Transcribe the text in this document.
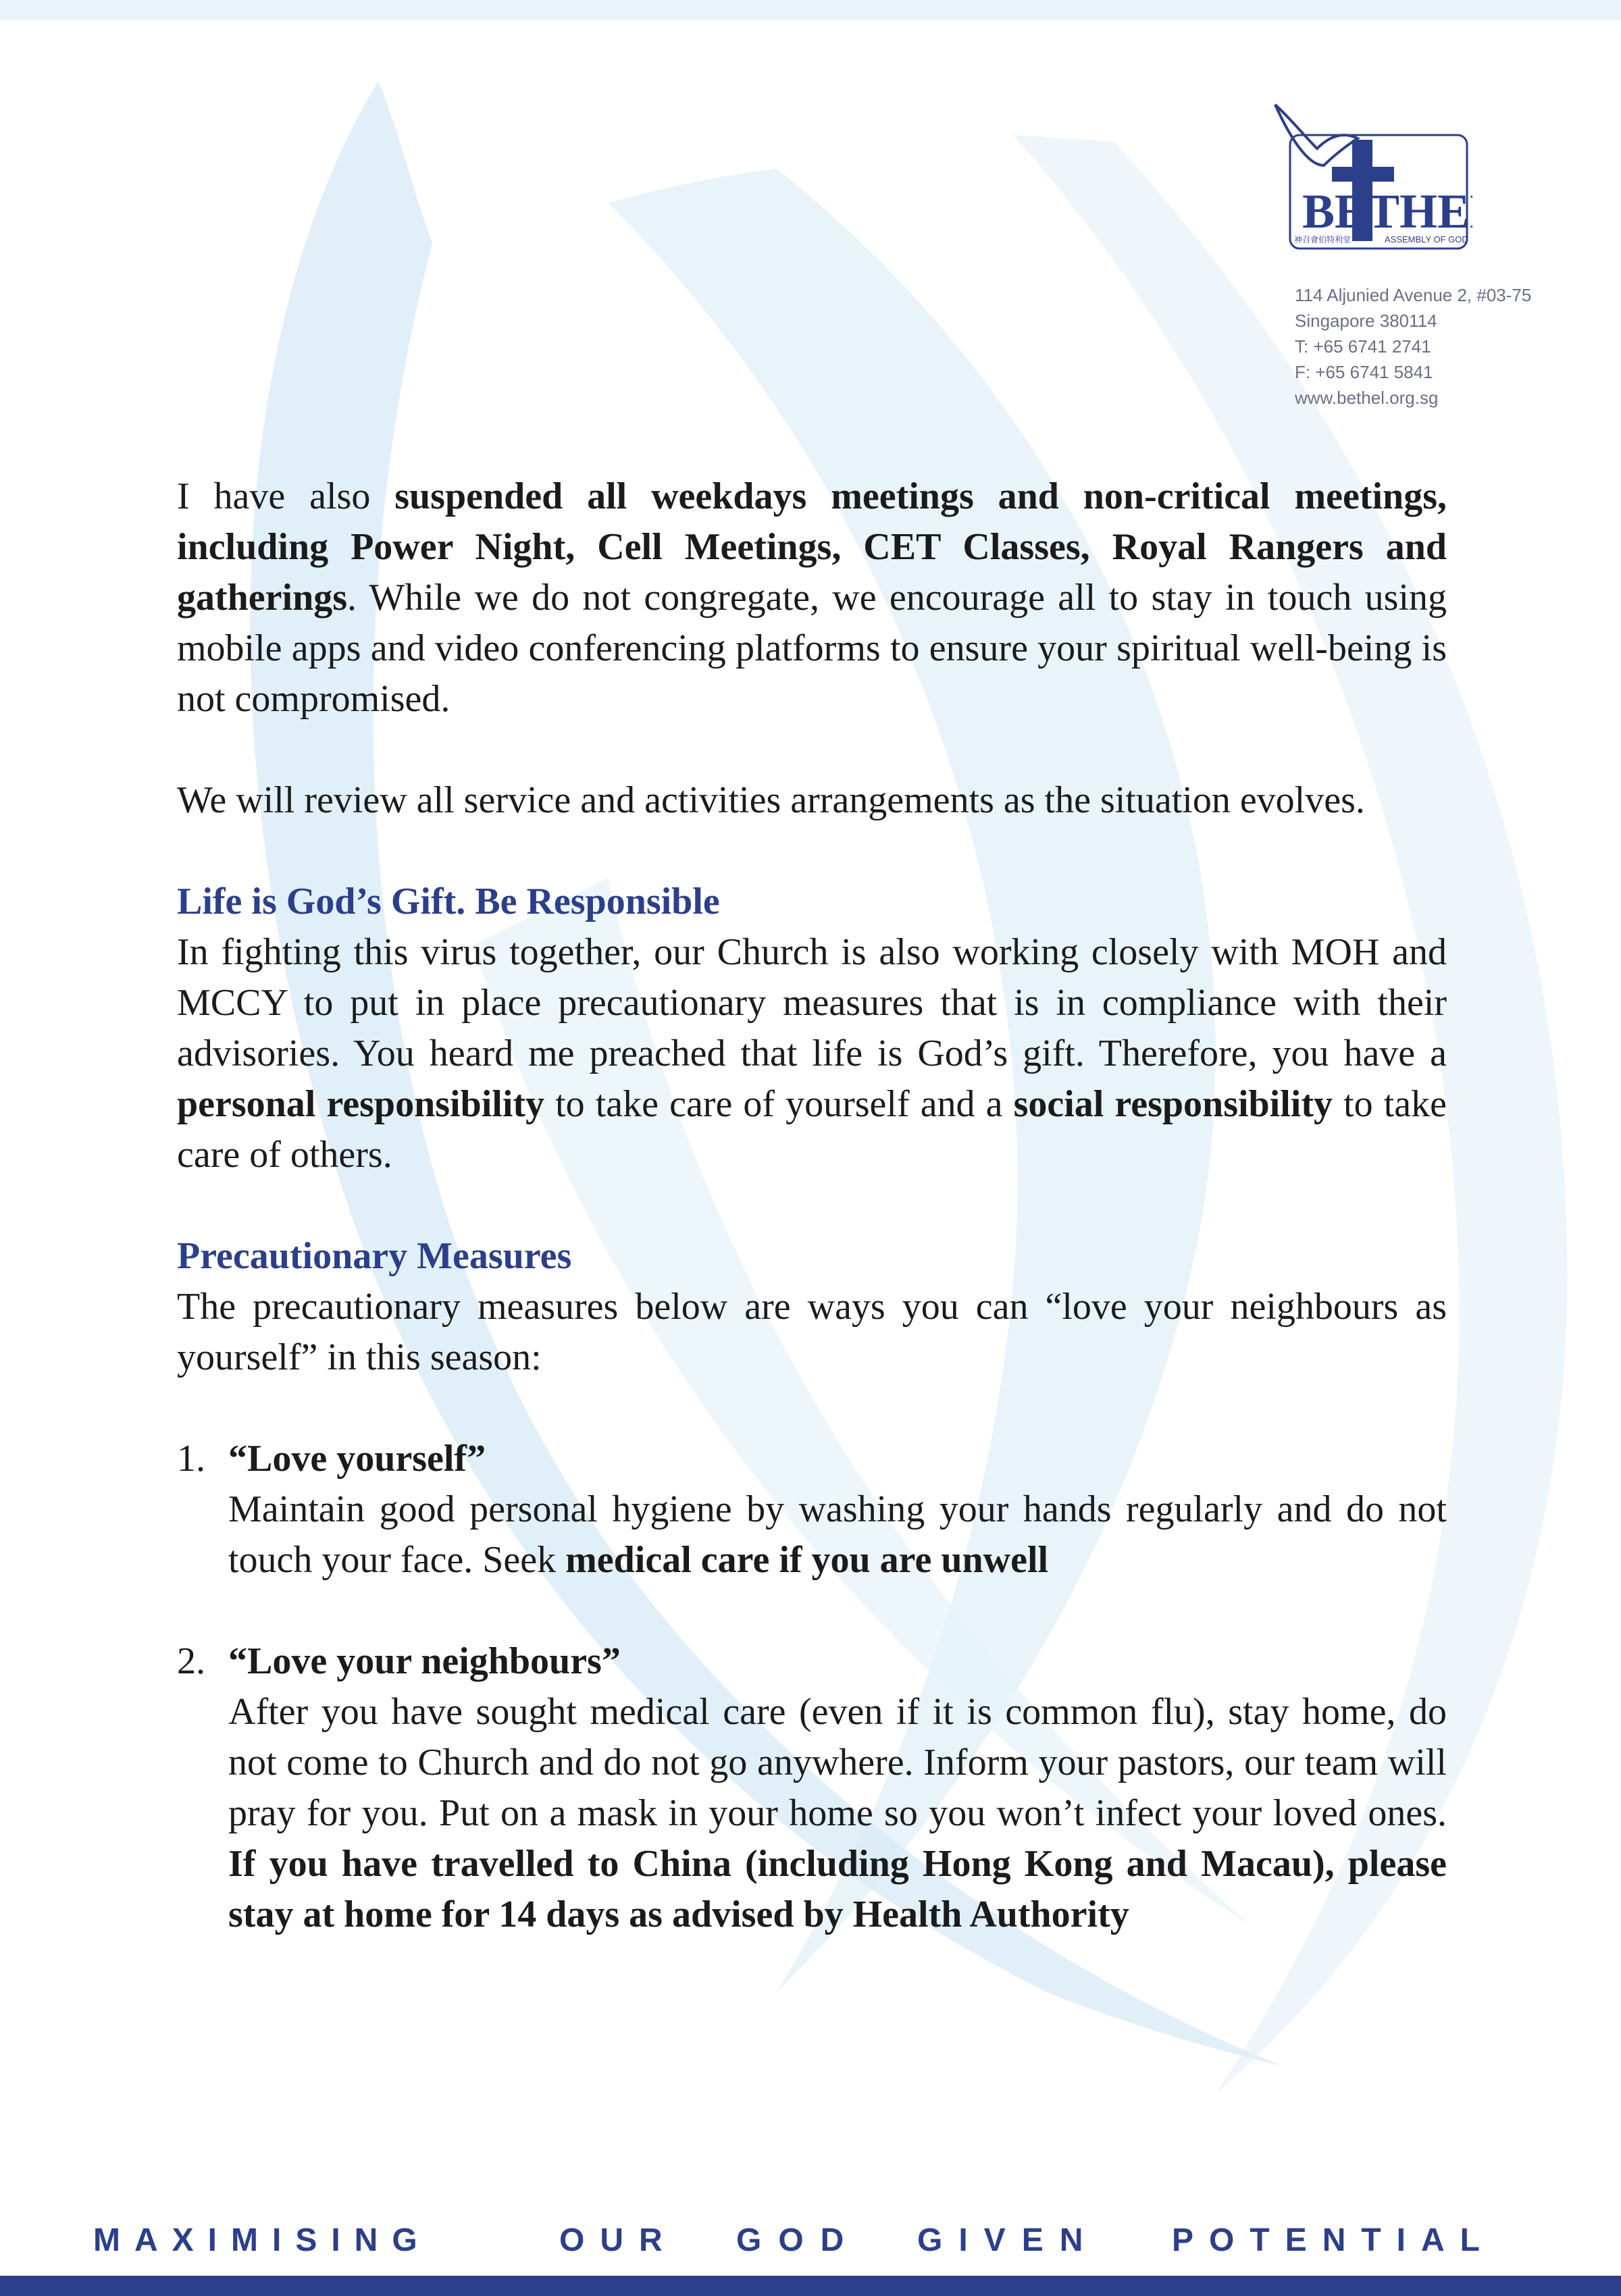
BETHE
ASSEMBLY OF GOD
神召會伯特利堂
114 Aljunied Avenue 2, #03-75
Singapore 380114
T: +65 6741 2741
F: +65 6741 5841
www.bethel.org.sg

I have also suspended all weekdays meetings and non-critical meetings, including Power Night, Cell Meetings, CET Classes, Royal Rangers and gatherings. While we do not congregate, we encourage all to stay in touch using mobile apps and video conferencing platforms to ensure your spiritual well-being is not compromised.

We will review all service and activities arrangements as the situation evolves.

Life is God’s Gift. Be Responsible

In fighting this virus together, our Church is also working closely with MOH and MCCY to put in place precautionary measures that is in compliance with their advisories. You heard me preached that life is God’s gift. Therefore, you have a personal responsibility to take care of yourself and a social responsibility to take care of others.

Precautionary Measures

The precautionary measures below are ways you can “love your neighbours as yourself” in this season:

1. “Love yourself”

Maintain good personal hygiene by washing your hands regularly and do not touch your face. Seek medical care if you are unwell

2. “Love your neighbours”

After you have sought medical care (even if it is common flu), stay home, do not come to Church and do not go anywhere. Inform your pastors, our team will pray for you. Put on a mask in your home so you won’t infect your loved ones. If you have travelled to China (including Hong Kong and Macau), please stay at home for 14 days as advised by Health Authority

MAXIMISING	OUR GOD GIVEN POTENTIAL
